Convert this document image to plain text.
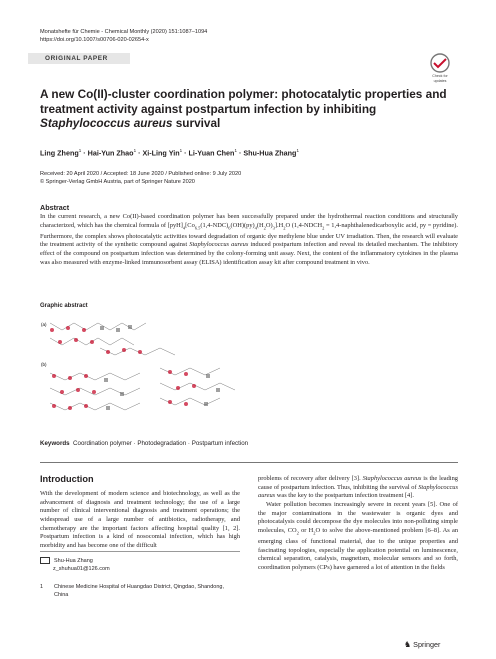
Monatshefte für Chemie - Chemical Monthly (2020) 151:1087–1094
https://doi.org/10.1007/s00706-020-02654-x
ORIGINAL PAPER
Check for
updates
A new Co(II)-cluster coordination polymer: photocatalytic properties and treatment activity against postpartum infection by inhibiting Staphylococcus aureus survival
Ling Zheng$^1$ · Hai-Yun Zhao$^1$ · Xi-Ling Yin$^1$ · Li-Yuan Chen$^1$ · Shu-Hua Zhang$^1$
Received: 20 April 2020 / Accepted: 18 June 2020 / Published online: 9 July 2020
© Springer-Verlag GmbH Austria, part of Springer Nature 2020
Abstract
In the current research, a new Co(II)-based coordination polymer has been successfully prepared under the hydrothermal reaction conditions and structurally characterized, which has the chemical formula of $[pyH]_4[Co_{6.5}(1,4-NDC)_6(OH)(py)_4(H_2O)_3].H_2O$ ($1,4-NDCH_2$ = 1,4-naphthalenedicarboxylic acid, py = pyridine). Furthermore, the complex shows photocatalytic activities toward degradation of organic dye methylene blue under UV irradiation. Then, the research will evaluate the treatment activity of the synthetic compound against Staphylococcus aureus induced postpartum infection and reveal its detailed mechanism. The inhibitory effect of the compound on postpartum infection was determined by the colony-forming unit assay. Next, the content of the inflammatory cytokines in the plasma was also measured with enzyme-linked immunosorbent assay (ELISA) identification assay kit after compound treatment in vivo.
Graphic abstract
(a)
(b)
Keywords Coordination polymer · Photodegradation · Postpartum infection
Introduction
With the development of modern science and biotechnology, as well as the advancement of diagnosis and treatment technology; the use of a large number of clinical interventional diagnosis and treatment operations; the widespread use of a large number of antibiotics, radiotherapy, and chemotherapy are the important factors affecting hospital quality [1, 2]. Postpartum infection is a kind of nosocomial infection, which has high morbidity and has become one of the difficult
problems of recovery after delivery [3]. Staphylococcus aureus is the leading cause of postpartum infection. Thus, inhibiting the survival of Staphylococcus aureus was the key to the postpartum infection treatment [4].
Water pollution becomes increasingly severe in recent years [5]. One of the major contaminations in the wastewater is organic dyes and photocatalysis could decompose the dye molecules into non-polluting simple molecules, $CO_2$ or $H_2O$ to solve the above-mentioned problem [6–8]. As an emerging class of functional material, due to the unique properties and fascinating topologies, especially the application potential on luminescence, chemical separation, catalysis, magnetism, molecular sensors and so forth, coordination polymers (CPs) have garnered a lot of attention in the fields
Shu-Hua Zhang
z_shuhua01@126.com
1 Chinese Medicine Hospital of Huangdao District, Qingdao, Shandong, China
♞ Springer
